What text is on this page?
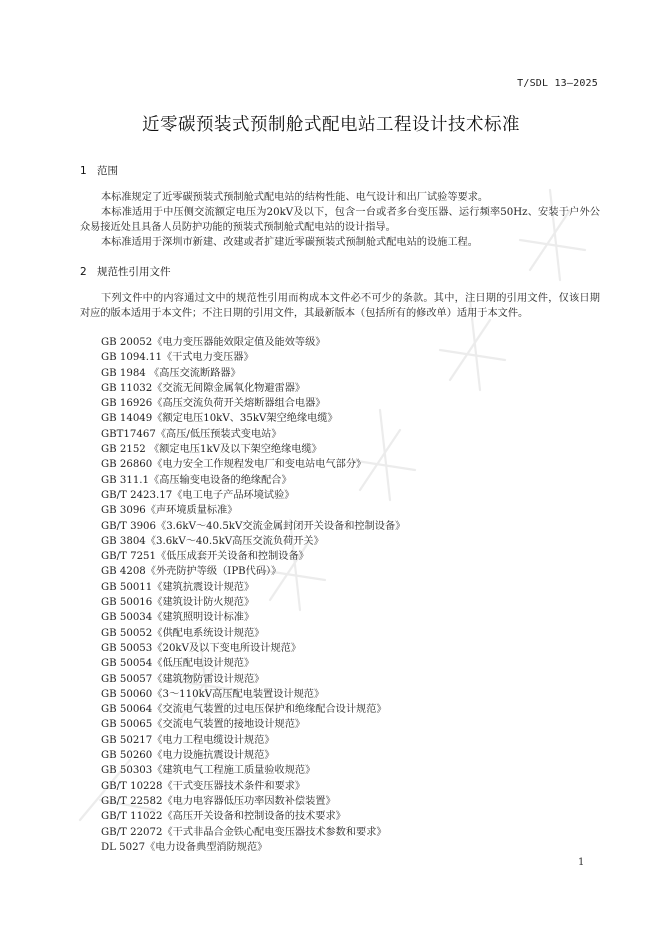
T/SDL 13—2025
近零碳预装式预制舱式配电站工程设计技术标准
1 范围

本标准规定了近零碳预装式预制舱式配电站的结构性能、电气设计和出厂试验等要求。

本标准适用于中压侧交流额定电压为20kV及以下，包含一台或者多台变压器、运行频率50Hz、安装于户外公众易接近处且具备人员防护功能的预装式预制舱式配电站的设计指导。

本标准适用于深圳市新建、改建或者扩建近零碳预装式预制舱式配电站的设施工程。

2 规范性引用文件

下列文件中的内容通过文中的规范性引用而构成本文件必不可少的条款。其中，注日期的引用文件，仅该日期对应的版本适用于本文件；不注日期的引用文件，其最新版本（包括所有的修改单）适用于本文件。

GB 20052《电力变压器能效限定值及能效等级》
GB 1094.11《干式电力变压器》
GB 1984 《高压交流断路器》
GB 11032《交流无间隙金属氧化物避雷器》
GB 16926《高压交流负荷开关熔断器组合电器》
GB 14049《额定电压10kV、35kV架空绝缘电缆》
GBT17467《高压/低压预装式变电站》
GB 2152 《额定电压1kV及以下架空绝缘电缆》
GB 26860《电力安全工作规程发电厂和变电站电气部分》
GB 311.1《高压输变电设备的绝缘配合》
GB/T 2423.17《电工电子产品环境试验》
GB 3096《声环境质量标准》
GB/T 3906《3.6kV～40.5kV交流金属封闭开关设备和控制设备》
GB 3804《3.6kV～40.5kV高压交流负荷开关》
GB/T 7251《低压成套开关设备和控制设备》
GB 4208《外壳防护等级（IPB代码）》
GB 50011《建筑抗震设计规范》
GB 50016《建筑设计防火规范》
GB 50034《建筑照明设计标准》
GB 50052《供配电系统设计规范》
GB 50053《20kV及以下变电所设计规范》
GB 50054《低压配电设计规范》
GB 50057《建筑物防雷设计规范》
GB 50060《3～110kV高压配电装置设计规范》
GB 50064《交流电气装置的过电压保护和绝缘配合设计规范》
GB 50065《交流电气装置的接地设计规范》
GB 50217《电力工程电缆设计规范》
GB 50260《电力设施抗震设计规范》
GB 50303《建筑电气工程施工质量验收规范》
GB/T 10228《干式变压器技术条件和要求》
GB/T 22582《电力电容器低压功率因数补偿装置》
GB/T 11022《高压开关设备和控制设备的技术要求》
GB/T 22072《干式非晶合金铁心配电变压器技术参数和要求》
DL 5027《电力设备典型消防规范》
1
